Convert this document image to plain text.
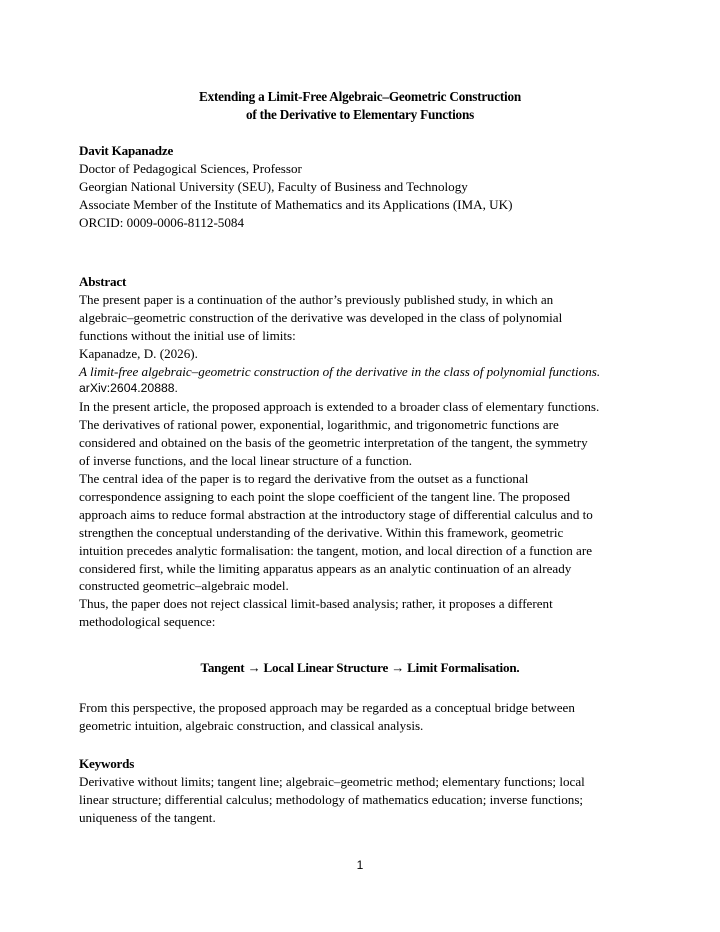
Extending a Limit-Free Algebraic–Geometric Construction
of the Derivative to Elementary Functions
Davit Kapanadze
Doctor of Pedagogical Sciences, Professor
Georgian National University (SEU), Faculty of Business and Technology
Associate Member of the Institute of Mathematics and its Applications (IMA, UK)
ORCID: 0009-0006-8112-5084
Abstract
The present paper is a continuation of the author’s previously published study, in which an
algebraic–geometric construction of the derivative was developed in the class of polynomial
functions without the initial use of limits:
Kapanadze, D. (2026).
A limit-free algebraic–geometric construction of the derivative in the class of polynomial functions.
arXiv:2604.20888.
In the present article, the proposed approach is extended to a broader class of elementary functions.
The derivatives of rational power, exponential, logarithmic, and trigonometric functions are
considered and obtained on the basis of the geometric interpretation of the tangent, the symmetry
of inverse functions, and the local linear structure of a function.
The central idea of the paper is to regard the derivative from the outset as a functional
correspondence assigning to each point the slope coefficient of the tangent line. The proposed
approach aims to reduce formal abstraction at the introductory stage of differential calculus and to
strengthen the conceptual understanding of the derivative. Within this framework, geometric
intuition precedes analytic formalisation: the tangent, motion, and local direction of a function are
considered first, while the limiting apparatus appears as an analytic continuation of an already
constructed geometric–algebraic model.
Thus, the paper does not reject classical limit-based analysis; rather, it proposes a different
methodological sequence:
Tangent → Local Linear Structure → Limit Formalisation.
From this perspective, the proposed approach may be regarded as a conceptual bridge between
geometric intuition, algebraic construction, and classical analysis.
Keywords
Derivative without limits; tangent line; algebraic–geometric method; elementary functions; local
linear structure; differential calculus; methodology of mathematics education; inverse functions;
uniqueness of the tangent.
1
